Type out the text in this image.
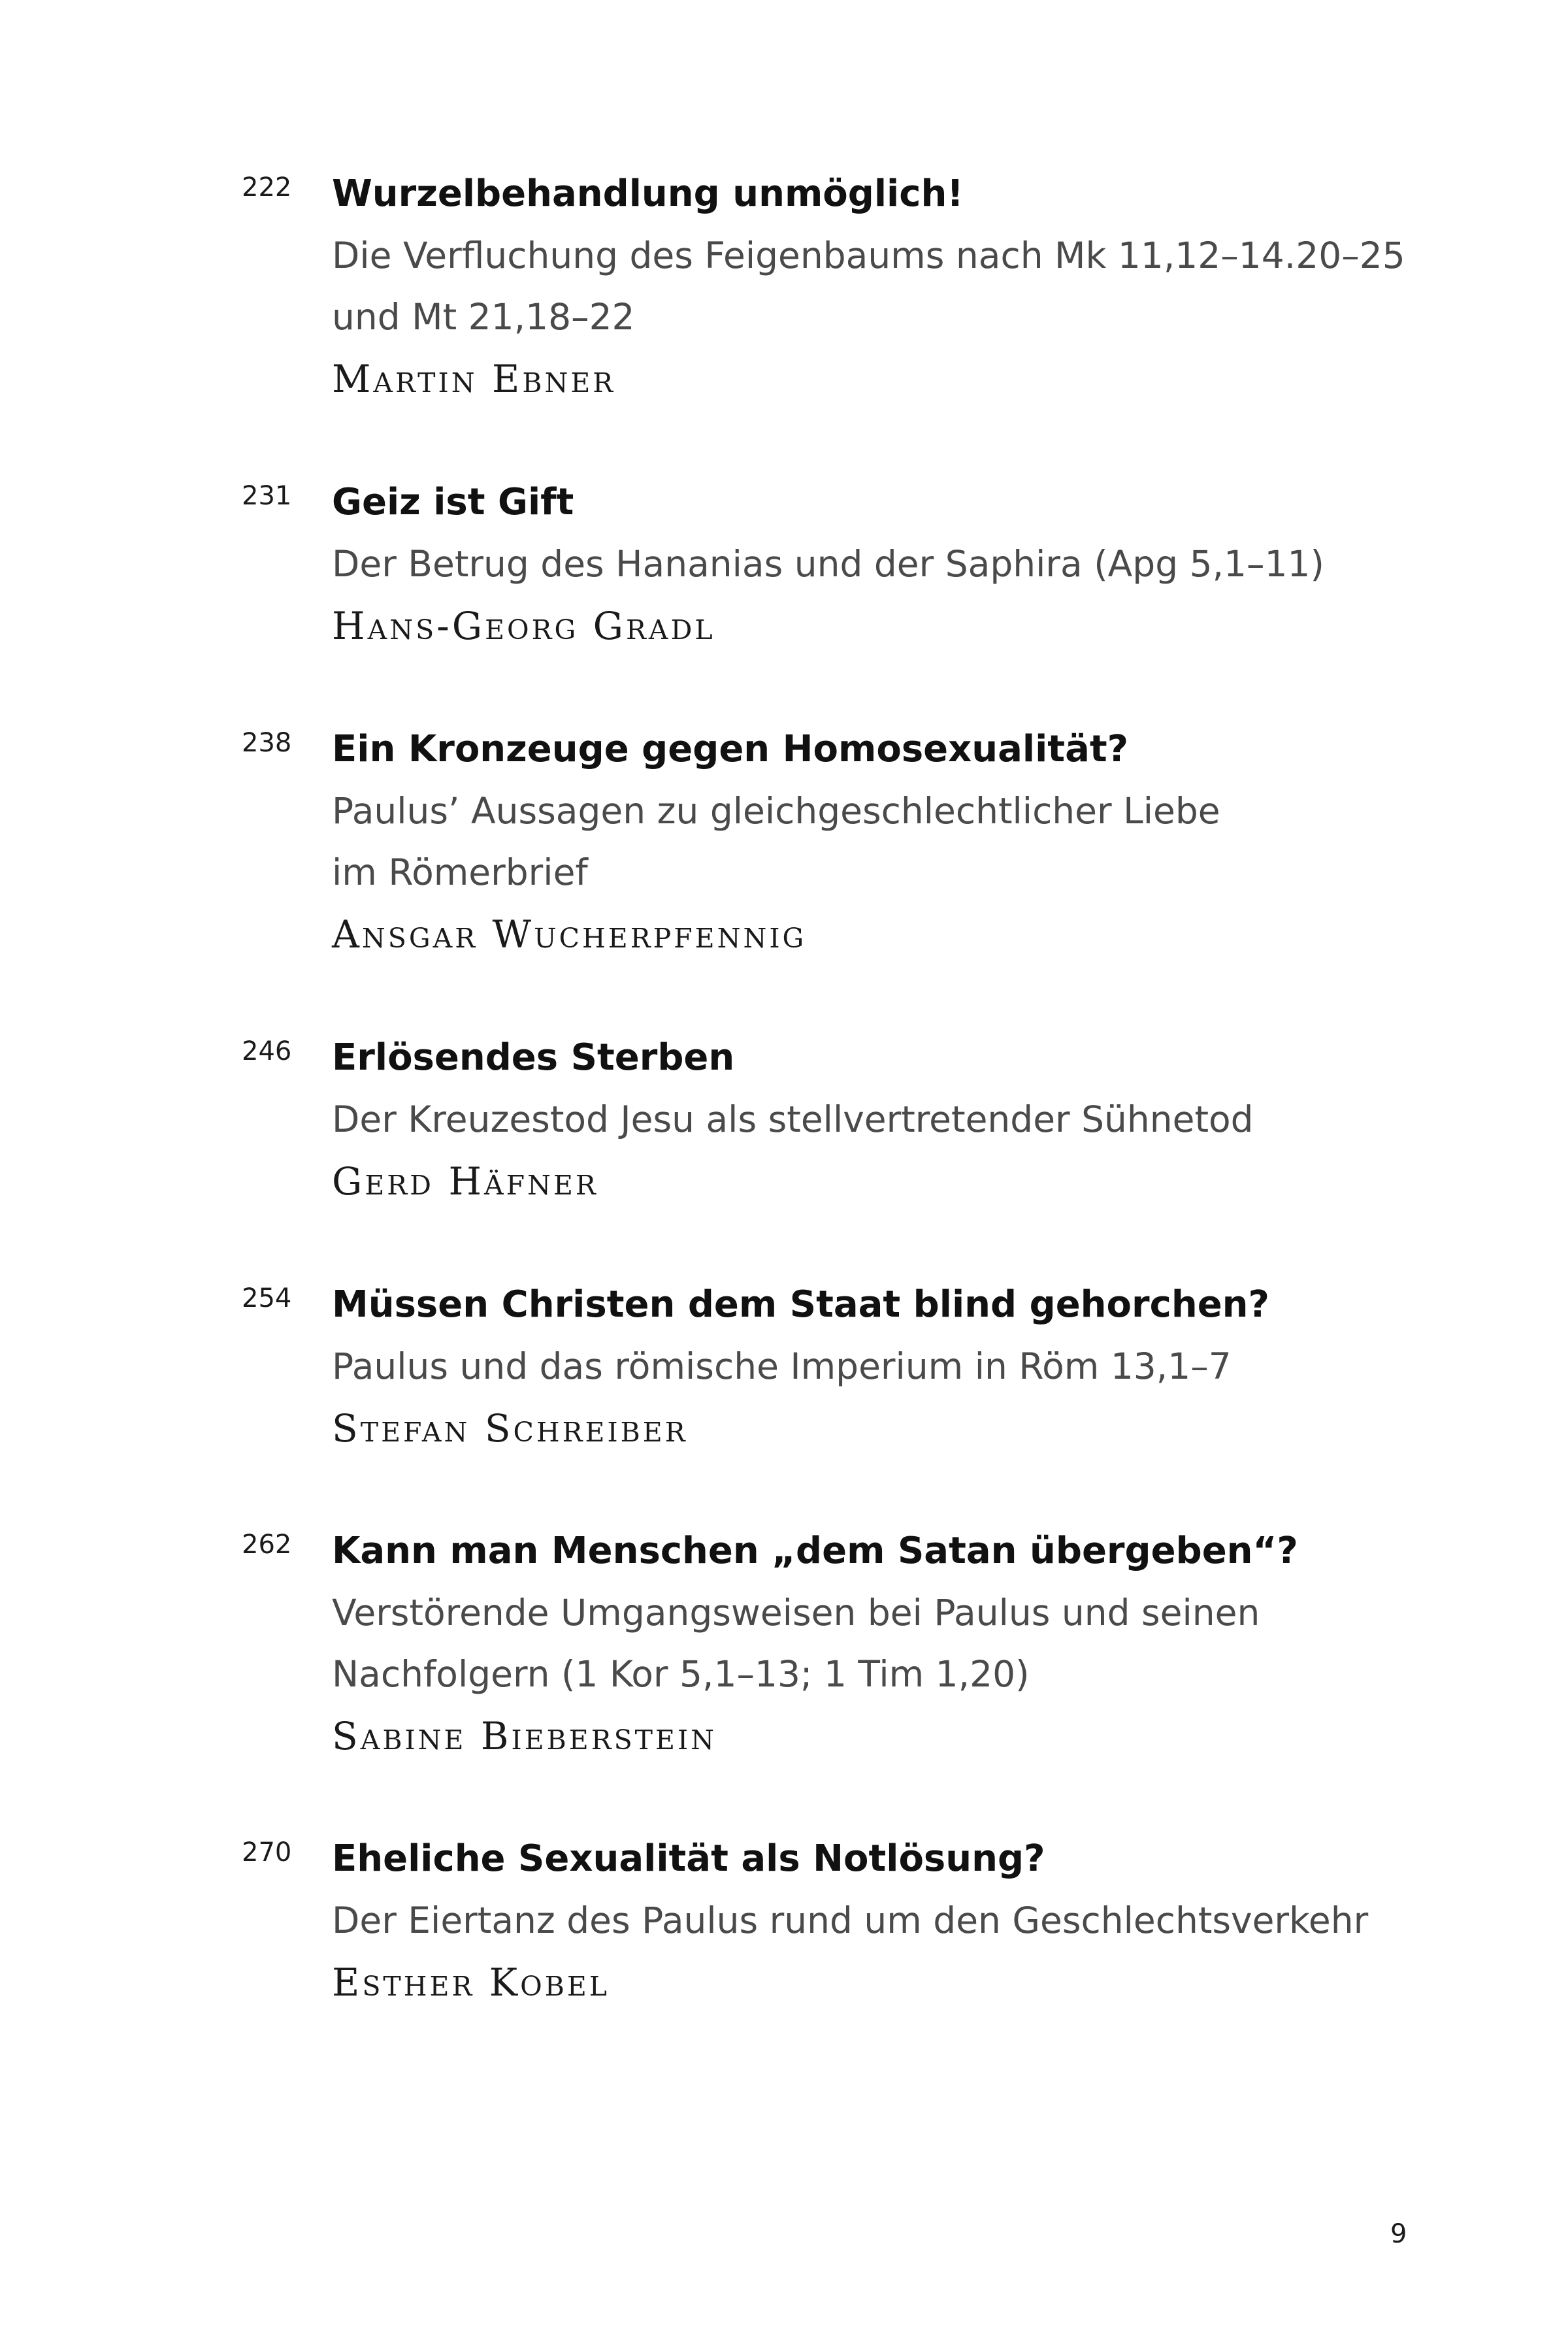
222 Wurzelbehandlung unmöglich!
Die Verfluchung des Feigenbaums nach Mk 11,12–14.20–25
und Mt 21,18–22
Martin Ebner
231 Geiz ist Gift
Der Betrug des Hananias und der Saphira (Apg 5,1–11)
Hans-Georg Gradl
238 Ein Kronzeuge gegen Homosexualität?
Paulus’ Aussagen zu gleichgeschlechtlicher Liebe
im Römerbrief
Ansgar Wucherpfennig
246 Erlösendes Sterben
Der Kreuzestod Jesu als stellvertretender Sühnetod
Gerd Häfner
254 Müssen Christen dem Staat blind gehorchen?
Paulus und das römische Imperium in Röm 13,1–7
Stefan Schreiber
262 Kann man Menschen „dem Satan übergeben“?
Verstörende Umgangsweisen bei Paulus und seinen
Nachfolgern (1 Kor 5,1–13; 1 Tim 1,20)
Sabine Bieberstein
270 Eheliche Sexualität als Notlösung?
Der Eiertanz des Paulus rund um den Geschlechtsverkehr
Esther Kobel
9
